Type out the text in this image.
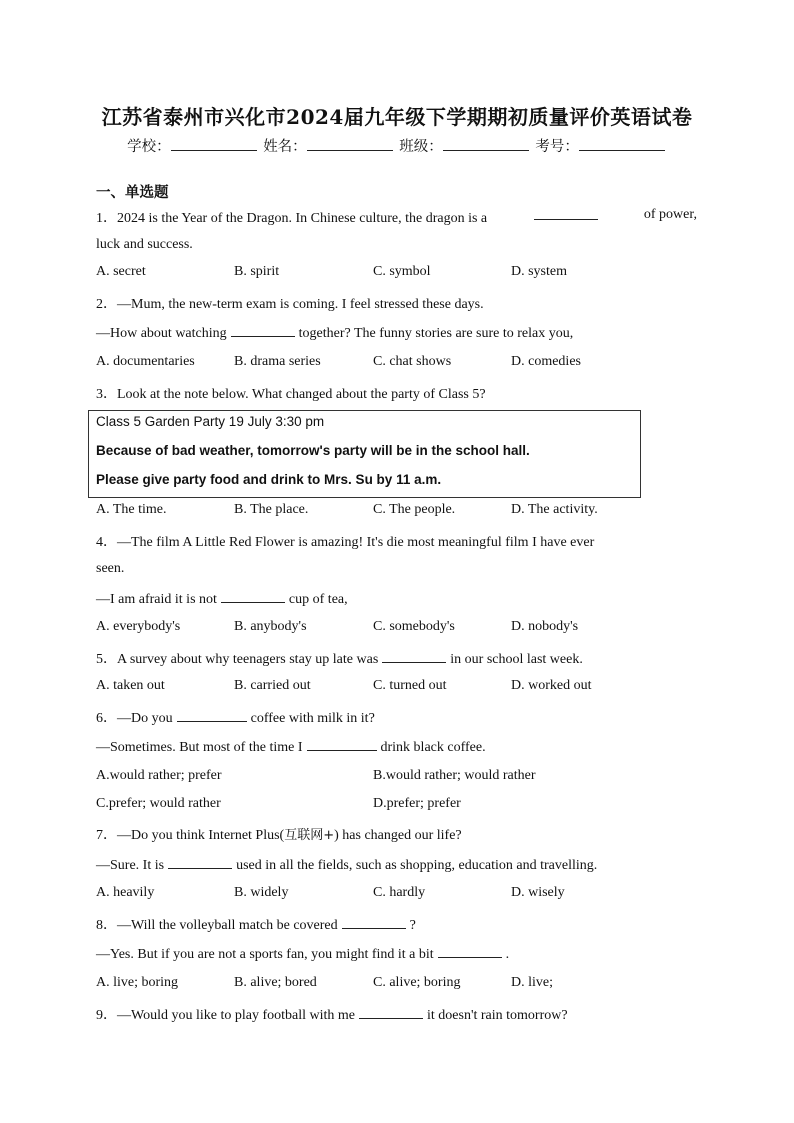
江苏省泰州市兴化市2024届九年级下学期期初质量评价英语试卷
学校：	姓名：	班级：	考号：
一、单选题
1．2024 is the Year of the Dragon. In Chinese culture, the dragon is a	of power,
luck and success.
A. secret	B. spirit	C. symbol	D. system
2．—Mum, the new-term exam is coming. I feel stressed these days.
—How about watching	together? The funny stories are sure to relax you,
A. documentaries	B. drama series	C. chat shows	D. comedies
3．Look at the note below. What changed about the party of Class 5?
Class 5 Garden Party 19 July 3:30 pm
Because of bad weather, tomorrow's party will be in the school hall.
Please give party food and drink to Mrs. Su by 11 a.m.
A. The time.	B. The place.	C. The people.	D. The activity.
4．—The film A Little Red Flower is amazing! It's die most meaningful film I have ever
seen.
—I am afraid it is not	cup of tea,
A. everybody's	B. anybody's	C. somebody's	D. nobody's
5．A survey about why teenagers stay up late was	in our school last week.
A. taken out	B. carried out	C. turned out	D. worked out
6．—Do you	coffee with milk in it?
—Sometimes. But most of the time I	drink black coffee.
A.would rather; prefer	B.would rather; would rather
C.prefer; would rather	D.prefer; prefer
7．—Do you think Internet Plus(互联网+) has changed our life?
—Sure. It is	used in all the fields, such as shopping, education and travelling.
A. heavily	B. widely	C. hardly	D. wisely
8．—Will the volleyball match be covered	?
—Yes. But if you are not a sports fan, you might find it a bit	.
A. live; boring	B. alive; bored	C. alive; boring	D. live;
9．—Would you like to play football with me	it doesn't rain tomorrow?
